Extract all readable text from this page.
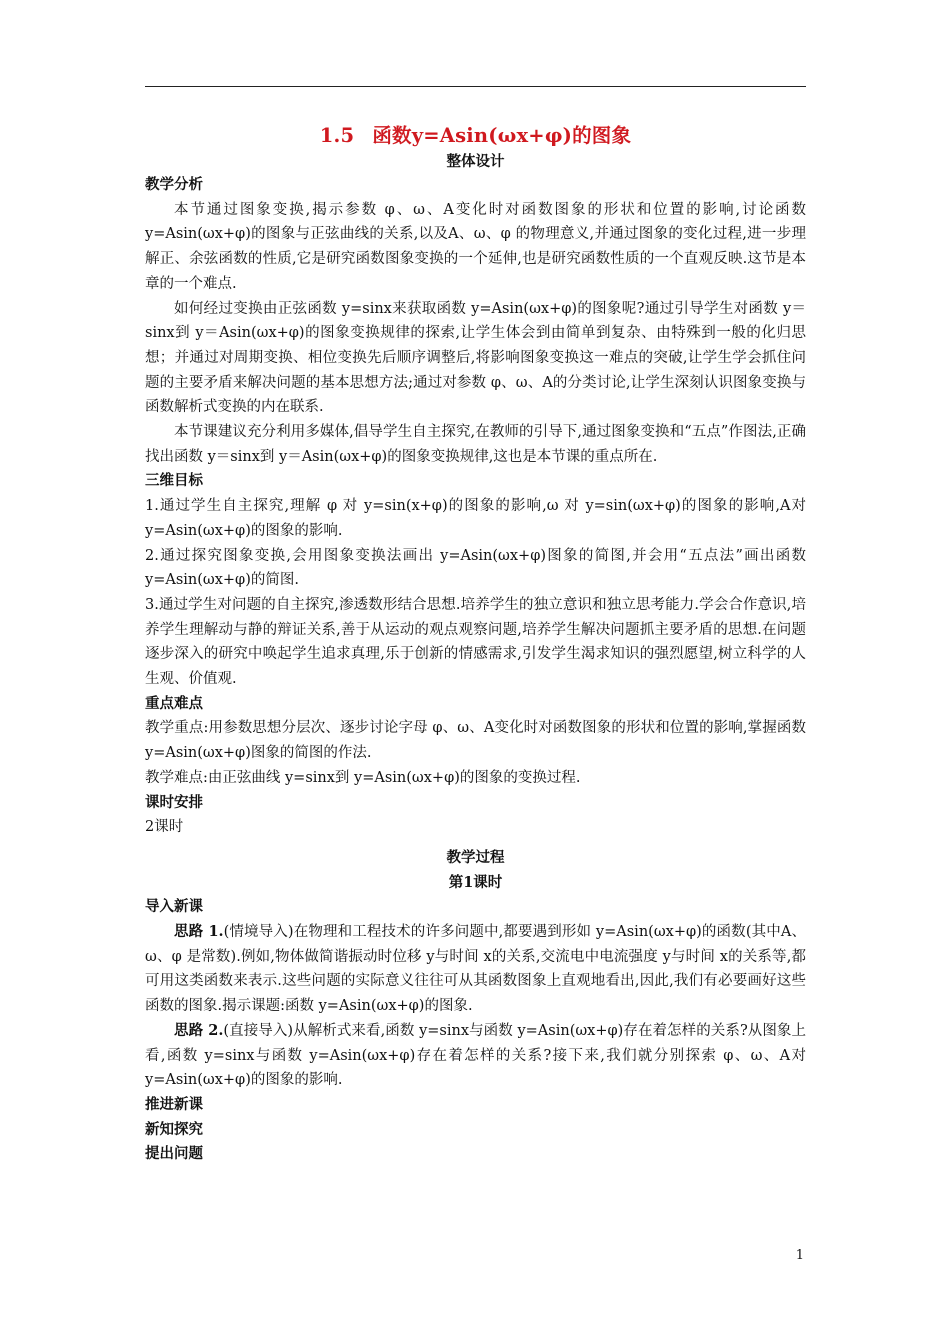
1.5 函数y=Asin(ωx+φ)的图象
整体设计
教学分析

本节通过图象变换,揭示参数 φ、ω、A变化时对函数图象的形状和位置的影响,讨论函数y=Asin(ωx+φ)的图象与正弦曲线的关系,以及A、ω、φ 的物理意义,并通过图象的变化过程,进一步理解正、余弦函数的性质,它是研究函数图象变换的一个延伸,也是研究函数性质的一个直观反映.这节是本章的一个难点.

如何经过变换由正弦函数 y=sinx来获取函数 y=Asin(ωx+φ)的图象呢?通过引导学生对函数 y＝sinx到 y＝Asin(ωx+φ)的图象变换规律的探索,让学生体会到由简单到复杂、由特殊到一般的化归思想；并通过对周期变换、相位变换先后顺序调整后,将影响图象变换这一难点的突破,让学生学会抓住问题的主要矛盾来解决问题的基本思想方法;通过对参数 φ、ω、A的分类讨论,让学生深刻认识图象变换与函数解析式变换的内在联系.

本节课建议充分利用多媒体,倡导学生自主探究,在教师的引导下,通过图象变换和“五点”作图法,正确找出函数 y＝sinx到 y＝Asin(ωx+φ)的图象变换规律,这也是本节课的重点所在.

三维目标

1.通过学生自主探究,理解 φ 对 y=sin(x+φ)的图象的影响,ω 对 y=sin(ωx+φ)的图象的影响,A对 y=Asin(ωx+φ)的图象的影响.

2.通过探究图象变换,会用图象变换法画出 y=Asin(ωx+φ)图象的简图,并会用“五点法”画出函数 y=Asin(ωx+φ)的简图.

3.通过学生对问题的自主探究,渗透数形结合思想.培养学生的独立意识和独立思考能力.学会合作意识,培养学生理解动与静的辩证关系,善于从运动的观点观察问题,培养学生解决问题抓主要矛盾的思想.在问题逐步深入的研究中唤起学生追求真理,乐于创新的情感需求,引发学生渴求知识的强烈愿望,树立科学的人生观、价值观.

重点难点

教学重点:用参数思想分层次、逐步讨论字母 φ、ω、A变化时对函数图象的形状和位置的影响,掌握函数 y=Asin(ωx+φ)图象的简图的作法.

教学难点:由正弦曲线 y=sinx到 y=Asin(ωx+φ)的图象的变换过程.

课时安排

2课时

教学过程

第1课时

导入新课

思路 1.(情境导入)在物理和工程技术的许多问题中,都要遇到形如 y=Asin(ωx+φ)的函数(其中A、ω、φ 是常数).例如,物体做简谐振动时位移 y与时间 x的关系,交流电中电流强度 y与时间 x的关系等,都可用这类函数来表示.这些问题的实际意义往往可从其函数图象上直观地看出,因此,我们有必要画好这些函数的图象.揭示课题:函数 y=Asin(ωx+φ)的图象.

思路 2.(直接导入)从解析式来看,函数 y=sinx与函数 y=Asin(ωx+φ)存在着怎样的关系?从图象上看,函数 y=sinx与函数 y=Asin(ωx+φ)存在着怎样的关系?接下来,我们就分别探索 φ、ω、A对 y=Asin(ωx+φ)的图象的影响.

推进新课
新知探究
提出问题
1
